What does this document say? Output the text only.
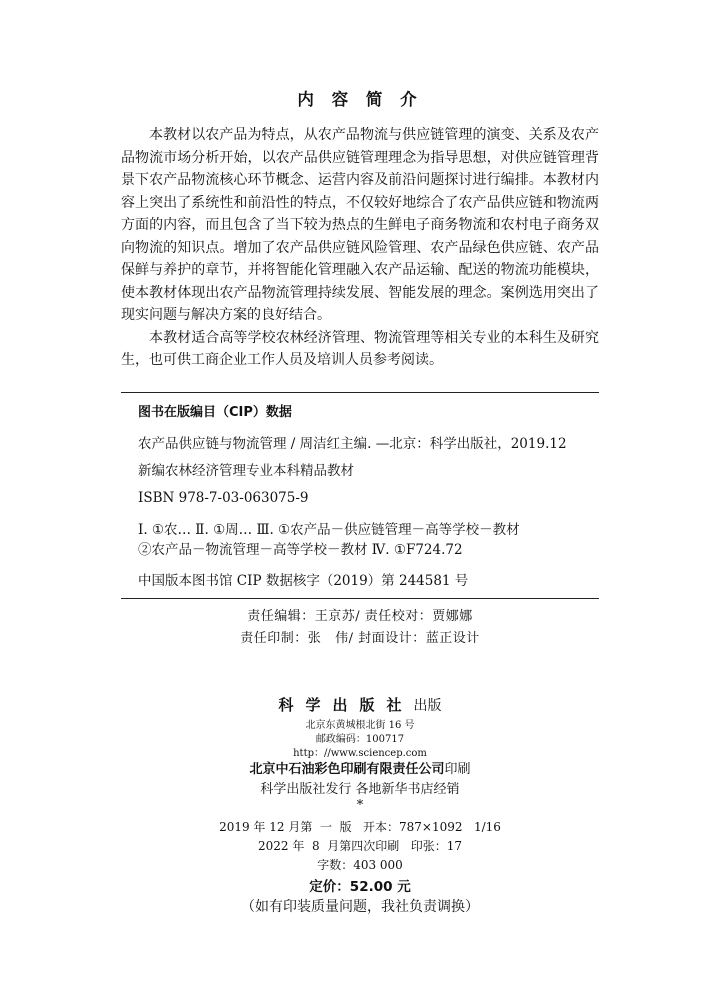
内 容 简 介

本教材以农产品为特点，从农产品物流与供应链管理的演变、关系及农产品物流市场分析开始，以农产品供应链管理理念为指导思想，对供应链管理背景下农产品物流核心环节概念、运营内容及前沿问题探讨进行编排。本教材内容上突出了系统性和前沿性的特点，不仅较好地综合了农产品供应链和物流两方面的内容，而且包含了当下较为热点的生鲜电子商务物流和农村电子商务双向物流的知识点。增加了农产品供应链风险管理、农产品绿色供应链、农产品保鲜与养护的章节，并将智能化管理融入农产品运输、配送的物流功能模块，使本教材体现出农产品物流管理持续发展、智能发展的理念。案例选用突出了现实问题与解决方案的良好结合。

本教材适合高等学校农林经济管理、物流管理等相关专业的本科生及研究生，也可供工商企业工作人员及培训人员参考阅读。

图书在版编目（CIP）数据
农产品供应链与物流管理 / 周洁红主编. —北京：科学出版社，2019.12
新编农林经济管理专业本科精品教材
ISBN 978-7-03-063075-9
Ⅰ. ①农… Ⅱ. ①周… Ⅲ. ①农产品－供应链管理－高等学校－教材
②农产品－物流管理－高等学校－教材 Ⅳ. ①F724.72
中国版本图书馆 CIP 数据核字（2019）第 244581 号
责任编辑：王京苏/ 责任校对：贾娜娜
责任印制：张   伟/ 封面设计：蓝正设计
科学出版社出版
北京东黄城根北街 16 号
邮政编码：100717
http：//www.sciencep.com
北京中石油彩色印刷有限责任公司印刷
科学出版社发行 各地新华书店经销
*
2019 年 12 月第  一  版   开本：787×1092   1/16
2022 年  8  月第四次印刷   印张：17
字数：403 000
定价：52.00 元
（如有印装质量问题，我社负责调换）
